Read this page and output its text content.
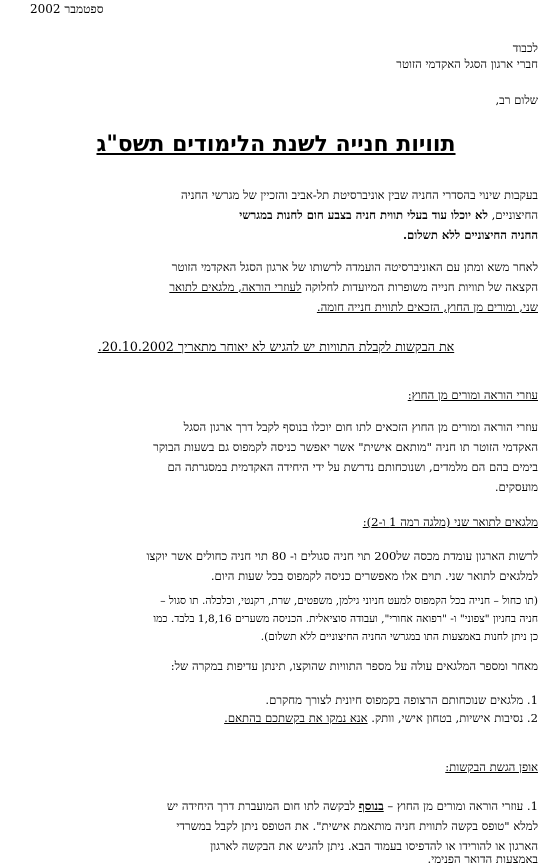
ספטמבר 2002
לכבוד
חברי ארגון הסגל האקדמי הזוטר
שלום רב,
תוויות חנייה לשנת הלימודים תשס"ג
בעקבות שינוי בהסדרי החניה שבין אוניברסיטת תל-אביב והזכיין של מגרשי החניה
החיצוניים, לא יוכלו עוד בעלי תווית חניה בצבע חום לחנות במגרשי
החניה החיצוניים ללא תשלום.
לאחר משא ומתן עם האוניברסיטה הועמדה לרשותו של ארגון הסגל האקדמי הזוטר
הקצאה של תוויות חנייה משופרות המיועדות לחלוקה לעוזרי הוראה, מלגאים לתואר
שני, ומורים מן החוץ, הזכאים לתווית חנייה חומה.
את הבקשות לקבלת התוויות יש להגיש לא יאוחר מתאריך 20.10.2002.
עוזרי הוראה ומורים מן החוץ:
עוזרי הוראה ומורים מן החוץ הזכאים לתו חום יוכלו בנוסף לקבל דרך ארגון הסגל
האקדמי הזוטר תו חניה "מותאם אישית" אשר יאפשר כניסה לקמפוס גם בשעות הבוקר
בימים בהם הם מלמדים, ושנוכחותם נדרשת על ידי היחידה האקדמית במסגרתה הם
מועסקים.
מלגאים לתואר שני (מלגה רמה 1 ו-2):
לרשות הארגון עומדת מכסה של200 תוי חניה סגולים ו- 80 תוי חניה כחולים אשר יוקצו
למלגאים לתואר שני. תוים אלו מאפשרים כניסה לקמפוס בכל שעות היום.
(תו כחול – חנייה בכל הקמפוס למעט חניוני גילמן, משפטים, שרת, רקנטי, וכלכלה. תו סגול –
חניה בחניון "צפוני" ו- "רפואה אחורי", ועבודה סוציאלית. הכניסה משערים 1,8,16 בלבד. כמו
כן ניתן לחנות באמצעות התו במגרשי החניה החיצוניים ללא תשלום).
מאחר ומספר המלגאים עולה על מספר התוויות שהוקצו, תינתן עדיפות במקרה של:
1. מלגאים שנוכחותם הרצופה בקמפוס חיונית לצורך מחקרם.
2. נסיבות אישיות, בטחון אישי, וותק. אנא נמקו את בקשתכם בהתאם.
אופן הגשת הבקשות:
1. עוזרי הוראה ומורים מן החוץ – בנוסף לבקשה לתו חום המועברת דרך היחידה יש
למלא "טופס בקשה לתווית חניה מותאמת אישית". את הטופס ניתן לקבל במשרדי
הארגון או להורידו או להדפיסו בעמוד הבא. ניתן להגיש את הבקשה לארגון
באמצעות הדואר הפנימי.
